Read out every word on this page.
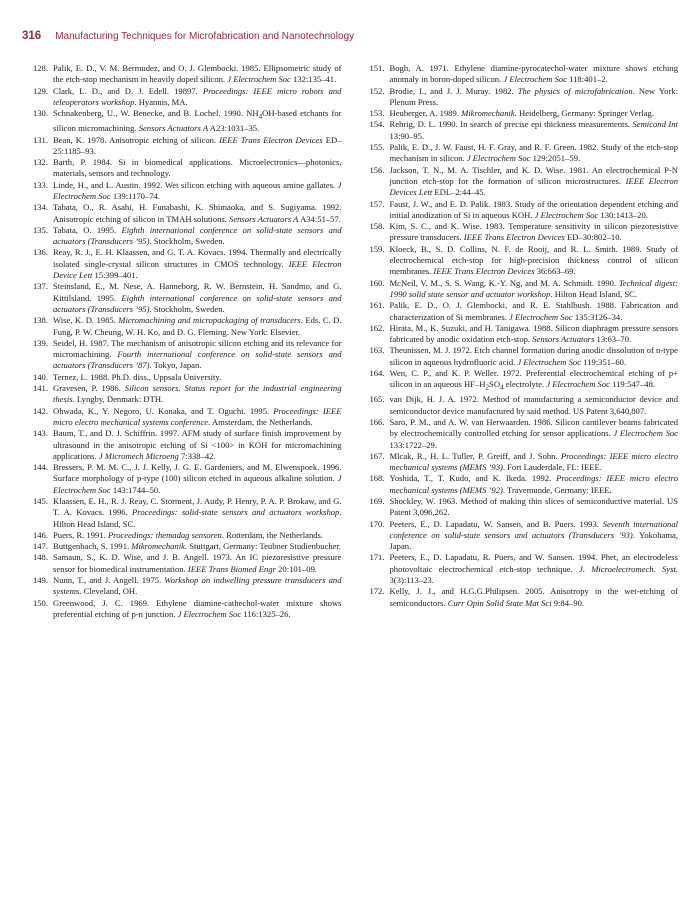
316 Manufacturing Techniques for Microfabrication and Nanotechnology

128. Palik, E. D., V. M. Bermudez, and O. J. Glembocki. 1985. Ellipsometric study of the etch-stop mechanism in heavily doped silicon. J Electrochem Soc 132:135–41.

129. Clark, L. D., and D. J. Edell. 19897. Proceedings: IEEE micro robots and teleoperators workshop. Hyannis, MA.

130. Schnakenberg, U., W. Benecke, and B. Lochel. 1990. $NH_4OH$-based etchants for silicon micromachining. Sensors Actuators A A23:1031–35.

131. Bean, K. 1978. Anisotropic etching of silicon. IEEE Trans Electron Devices ED–25:1185–93.

132. Barth, P. 1984. Si in biomedical applications. Microelectronics—photonics, materials, sensors and technology.

133. Linde, H., and L. Austin. 1992. Wet silicon etching with aqueous amine gallates. J Electrochem Soc 139:1170–74.

134. Tabata, O., R. Asahi, H. Funabashi, K. Shimaoka, and S. Sugiyama. 1992. Anisotropic etching of silicon in TMAH solutions. Sensors Actuators A A34:51–57.

135. Tabata, O. 1995. Eighth international conference on solid-state sensors and actuators (Transducers ’95). Stockholm, Sweden.

136. Reay, R. J., E. H. Klaassen, and G. T. A. Kovacs. 1994. Thermally and electrically isolated single-crystal silicon structures in CMOS technology. IEEE Electron Device Lett 15:399–401.

137. Steinsland, E., M. Nese, A. Hanneborg, R. W. Bernstein, H. Sandmo, and G. Kittilsland. 1995. Eighth international conference on solid-state sensors and actuators (Transducers ’95). Stockholm, Sweden.

138. Wise, K. D. 1985. Micromachining and micropackaging of transducers. Eds. C. D. Fung, P. W. Cheung, W. H. Ko, and D. G. Fleming. New York: Elsevier.

139. Seidel, H. 1987. The mechanism of anisotropic silicon etching and its relevance for micromachining. Fourth international conference on solid-state sensors and actuators (Transducers ’87). Tokyo, Japan.

140. Ternez, L. 1988. Ph.D. diss., Uppsala University.

141. Gravesen, P. 1986. Silicon sensors. Status report for the industrial engineering thesis. Lyngby, Denmark: DTH.

142. Ohwada, K., Y. Negoro, U. Konaka, and T. Oguchi. 1995. Proceedings: IEEE micro electro mechanical systems conference. Amsterdam, the Netherlands.

143. Baum, T., and D. J. Schiffrin. 1997. AFM study of surface finish improvement by ultrasound in the anisotropic etching of Si <100> in KOH for micromachining applications. J Micromech Microeng 7:338–42.

144. Bressers, P. M. M. C., J. J. Kelly, J. G. E. Gardeniers, and M. Elwenspoek. 1996. Surface morphology of p-type (100) silicon etched in aqueous alkaline solution. J Electrochem Soc 143:1744–50.

145. Klaassen, E. H., R. J. Reay, C. Storment, J. Audy, P. Henry, P. A. P. Brokaw, and G. T. A. Kovacs. 1996. Proceedings: solid-state sensors and actuators workshop. Hilton Head Island, SC.

146. Puers, R. 1991. Proceedings: themadag sensoren. Rotterdam, the Netherlands.

147. Buttgenbach, S. 1991. Mikromechanik. Stuttgart, Germany: Teubner Studienbucher.

148. Samaun, S., K. D. Wise, and J. B. Angell. 1973. An IC piezoresistive pressure sensor for biomedical instrumentation. IEEE Trans Biomed Engr 20:101–09.

149. Nunn, T., and J. Angell. 1975. Workshop on indwelling pressure transducers and systems. Cleveland, OH.

150. Greenwood, J. C. 1969. Ethylene diamine-cathechol-water mixture shows preferential etching of p-n junction. J Electrochem Soc 116:1325–26.

151. Bogh, A. 1971. Ethylene diamine-pyrocatechol-water mixture shows etching anomaly in boron-doped silicon. J Electrochem Soc 118:401–2.

152. Brodie, I., and J. J. Muray. 1982. The physics of microfabrication. New York: Plenum Press.

153. Heuberger, A. 1989. Mikromechanik. Heidelberg, Germany: Springer Verlag.

154. Rehrig, D. L. 1990. In search of precise epi thickness measurements. Semicond Int 13:90–95.

155. Palik, E. D., J. W. Faust, H. F. Gray, and R. F. Green. 1982. Study of the etch-stop mechanism in silicon. J Electrochem Soc 129:2051–59.

156. Jackson, T. N., M. A. Tischler, and K. D. Wise. 1981. An electrochemical P-N junction etch-stop for the formation of silicon microstructures. IEEE Electron Devices Lett EDL–2:44–45.

157. Faust, J. W., and E. D. Palik. 1983. Study of the orientation dependent etching and initial anodization of Si in aqueous KOH. J Electrochem Soc 130:1413–20.

158. Kim, S. C., and K. Wise. 1983. Temperature sensitivity in silicon piezoresistive pressure transducers. IEEE Trans Electron Devices ED–30:802–10.

159. Kloeck, B., S. D. Collins, N. F. de Rooij, and R. L. Smith. 1989. Study of electrochemical etch-stop for high-precision thickness control of silicon membranes. IEEE Trans Electron Devices 36:663–69.

160. McNeil, V. M., S. S. Wang, K.-Y. Ng, and M. A. Schmidt. 1990. Technical digest: 1990 solid state sensor and actuator workshop. Hilton Head Island, SC.

161. Palik, E. D., O. J. Glembocki, and R. E. Stahlbush. 1988. Fabrication and characterization of Si membranes. J Electrochem Soc 135:3126–34.

162. Hirata, M., K. Suzuki, and H. Tanigawa. 1988. Silicon diaphragm pressure sensors fabricated by anodic oxidation etch-stop. Sensors Actuators 13:63–70.

163. Theunissen, M. J. 1972. Etch channel formation during anodic dissolution of n-type silicon in aqueous hydrofluoric acid. J Electrochem Soc 119:351–60.

164. Wen, C. P., and K. P. Weller. 1972. Preferential electrochemical etching of p+ silicon in an aqueous $HF-H_2SO_4$ electrolyte. J Electrochem Soc 119:547–48.

165. van Dijk, H. J. A. 1972. Method of manufacturing a semiconductor device and semiconductor device manufactured by said method. US Patent 3,640,807.

166. Saro, P. M., and A. W. van Herwaarden. 1986. Silicon cantilever beams fabricated by electrochemically controlled etching for sensor applications. J Electrochem Soc 133:1722–29.

167. Mlcak, R., H. L. Tuller, P. Greiff, and J. Sohn. Proceedings: IEEE micro electro mechanical systems (MEMS ’93). Fort Lauderdale, FL: IEEE.

168. Yoshida, T., T. Kudo, and K. Ikeda. 1992. Proceedings: IEEE micro electro mechanical systems (MEMS ’92). Travemunde, Germany: IEEE.

169. Shockley, W. 1963. Method of making thin slices of semiconductive material. US Patent 3,096,262.

170. Peeters, E., D. Lapadatu, W. Sansen, and B. Puers. 1993. Seventh international conference on solid-state sensors and actuators (Transducers ’93). Yokohama, Japan.

171. Peeters, E., D. Lapadatu, R. Puers, and W. Sansen. 1994. Phet, an electrodeless photovoltaic electrochemical etch-stop technique. J. Microelectromech. Syst. 3(3):113–23.

172. Kelly, J. J., and H.G.G.Philipsen. 2005. Anisotropy in the wet-etching of semiconductors. Curr Opin Solid State Mat Sci 9:84–90.
